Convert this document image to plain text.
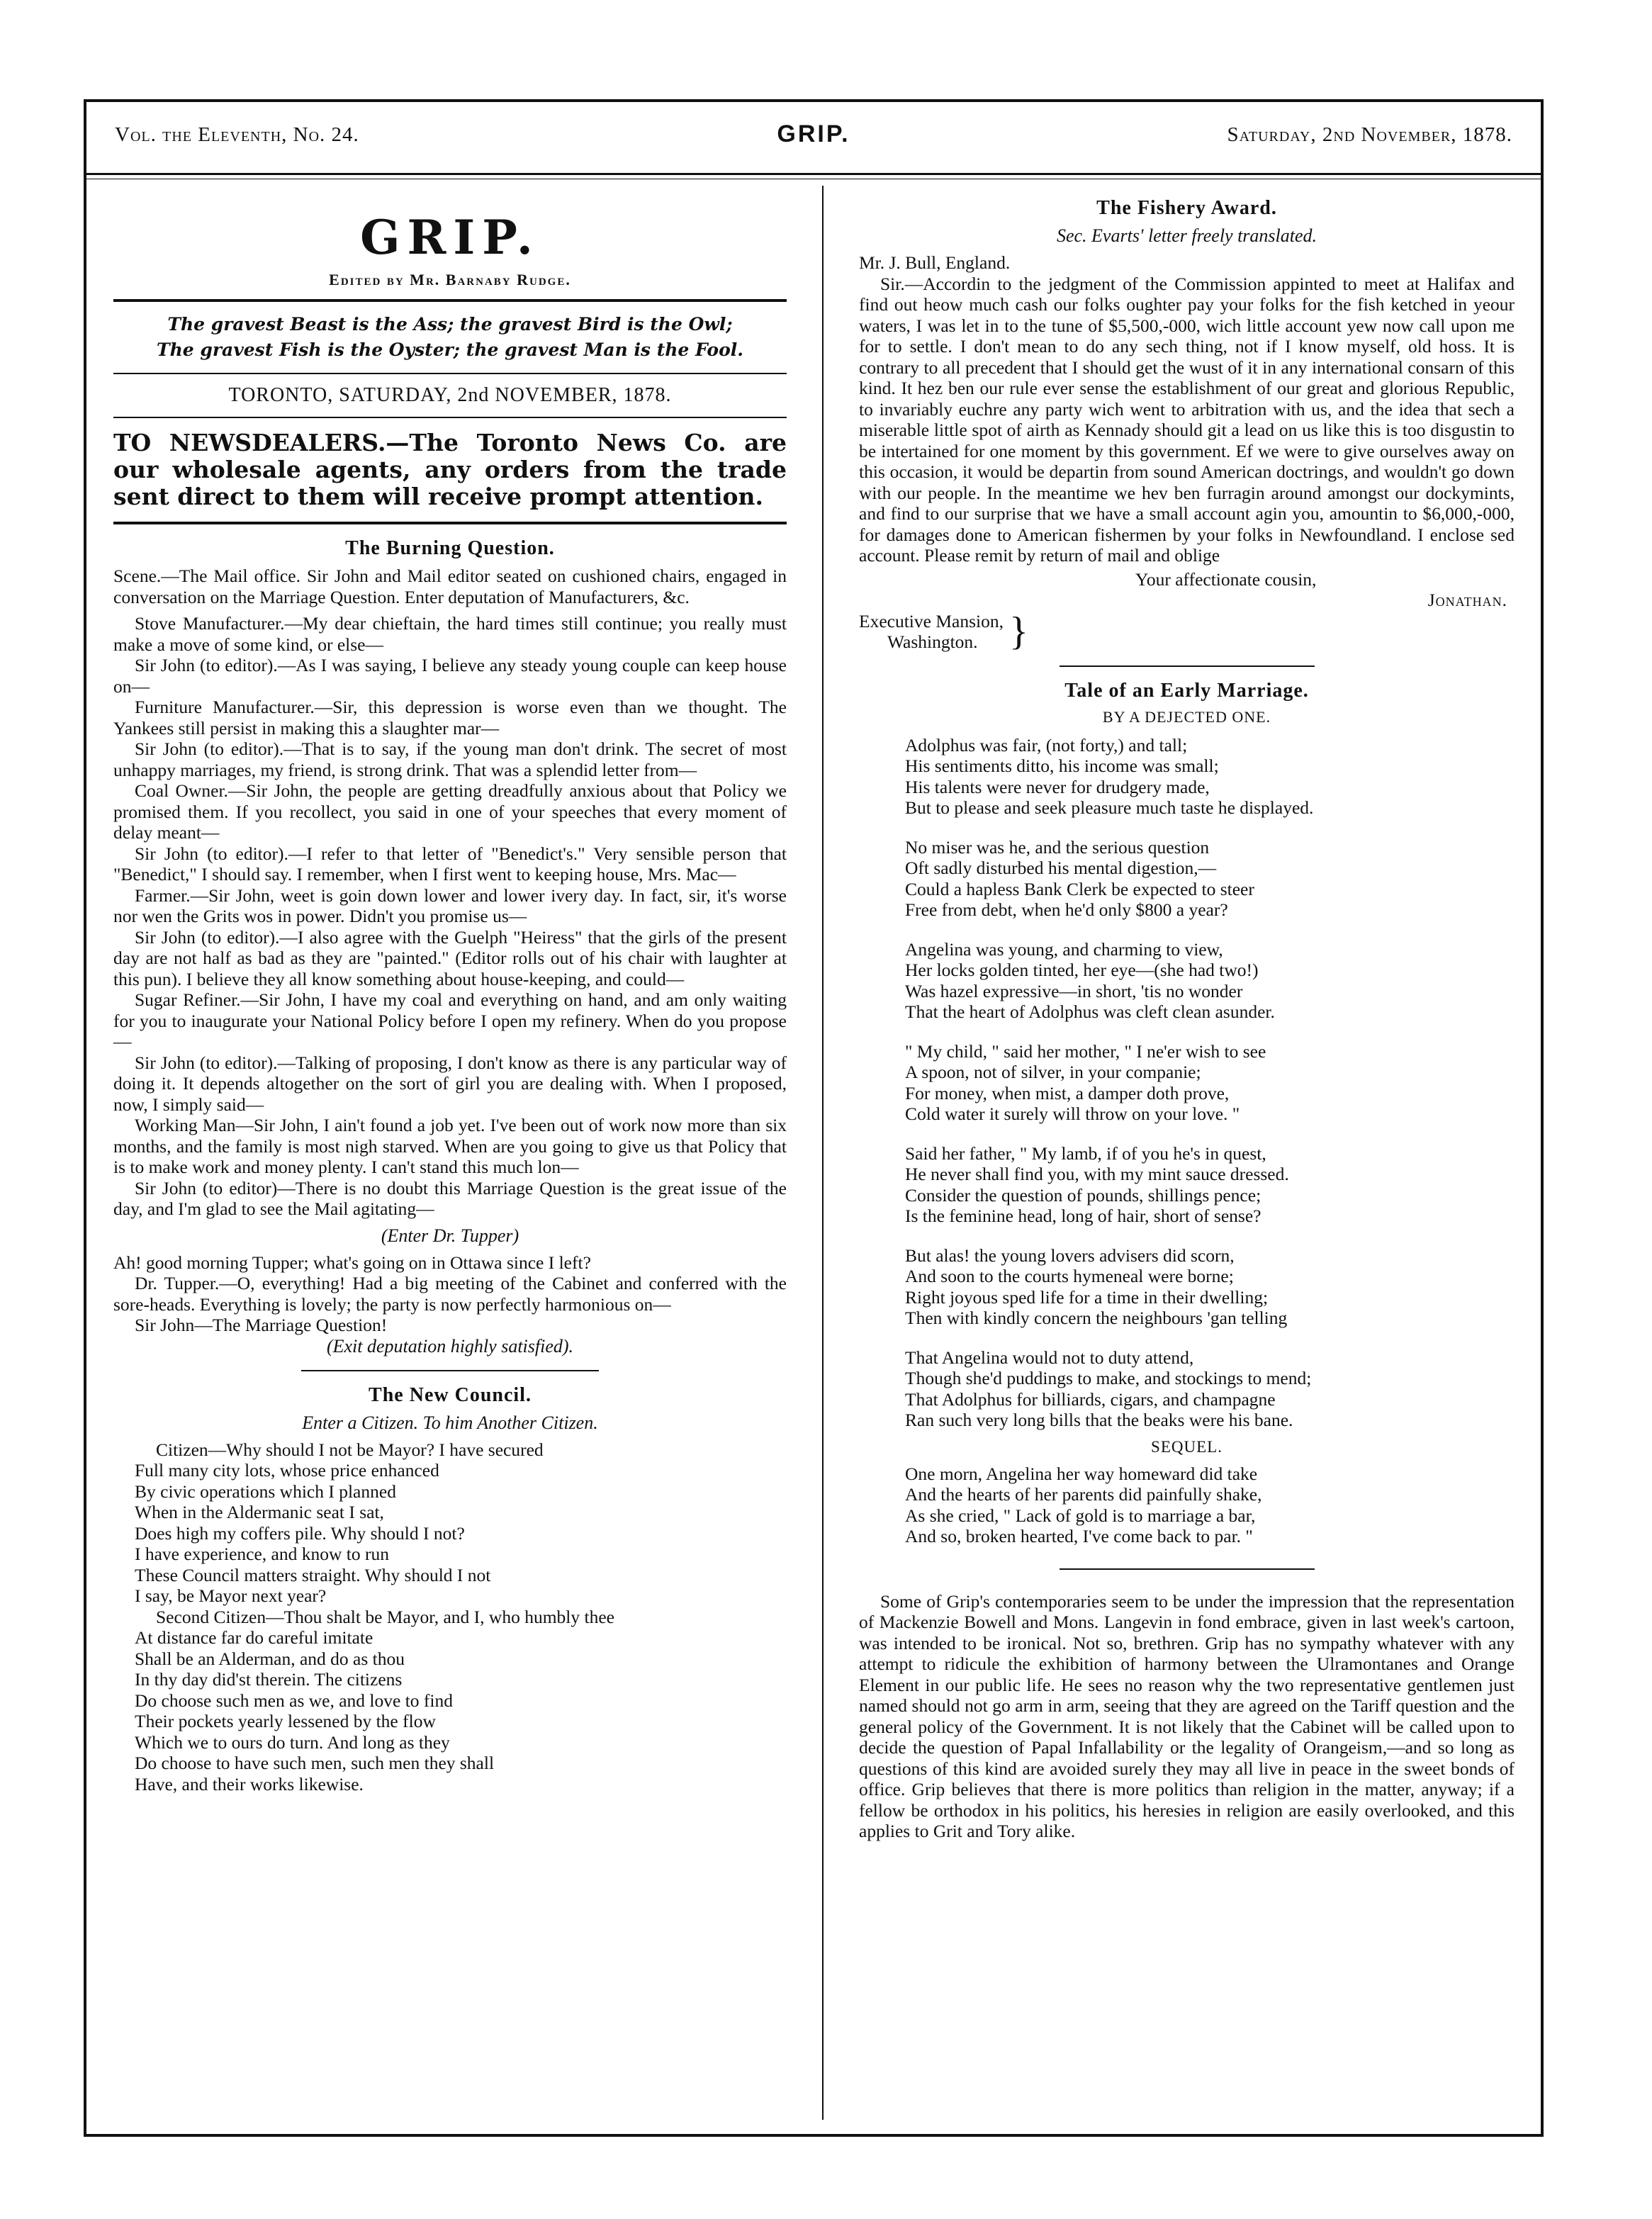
Vol. the Eleventh, No. 24.	GRIP.	Saturday, 2nd November, 1878.
GRIP.
Edited by Mr. Barnaby Rudge.
The gravest Beast is the Ass; the gravest Bird is the Owl;
The gravest Fish is the Oyster; the gravest Man is the Fool.
TORONTO, SATURDAY, 2nd NOVEMBER, 1878.
TO NEWSDEALERS.—The Toronto News Co. are our wholesale agents, any orders from the trade sent direct to them will receive prompt attention.
The Burning Question.

Scene.—The Mail office. Sir John and Mail editor seated on cushioned chairs, engaged in conversation on the Marriage Question. Enter deputation of Manufacturers, &c.

Stove Manufacturer.—My dear chieftain, the hard times still continue; you really must make a move of some kind, or else—

Sir John (to editor).—As I was saying, I believe any steady young couple can keep house on—

Furniture Manufacturer.—Sir, this depression is worse even than we thought. The Yankees still persist in making this a slaughter mar—

Sir John (to editor).—That is to say, if the young man don't drink. The secret of most unhappy marriages, my friend, is strong drink. That was a splendid letter from—

Coal Owner.—Sir John, the people are getting dreadfully anxious about that Policy we promised them. If you recollect, you said in one of your speeches that every moment of delay meant—

Sir John (to editor).—I refer to that letter of "Benedict's." Very sensible person that "Benedict," I should say. I remember, when I first went to keeping house, Mrs. Mac—

Farmer.—Sir John, weet is goin down lower and lower ivery day. In fact, sir, it's worse nor wen the Grits wos in power. Didn't you promise us—

Sir John (to editor).—I also agree with the Guelph "Heiress" that the girls of the present day are not half as bad as they are "painted." (Editor rolls out of his chair with laughter at this pun). I believe they all know something about house-keeping, and could—

Sugar Refiner.—Sir John, I have my coal and everything on hand, and am only waiting for you to inaugurate your National Policy before I open my refinery. When do you propose—

Sir John (to editor).—Talking of proposing, I don't know as there is any particular way of doing it. It depends altogether on the sort of girl you are dealing with. When I proposed, now, I simply said—

Working Man—Sir John, I ain't found a job yet. I've been out of work now more than six months, and the family is most nigh starved. When are you going to give us that Policy that is to make work and money plenty. I can't stand this much lon—

Sir John (to editor)—There is no doubt this Marriage Question is the great issue of the day, and I'm glad to see the Mail agitating—

(Enter Dr. Tupper)

Ah! good morning Tupper; what's going on in Ottawa since I left?

Dr. Tupper.—O, everything! Had a big meeting of the Cabinet and conferred with the sore-heads. Everything is lovely; the party is now perfectly harmonious on—

Sir John—The Marriage Question!

(Exit deputation highly satisfied).
The New Council.
Enter a Citizen. To him Another Citizen.
Citizen—Why should I not be Mayor? I have secured
Full many city lots, whose price enhanced
By civic operations which I planned
When in the Aldermanic seat I sat,
Does high my coffers pile. Why should I not?
I have experience, and know to run
These Council matters straight. Why should I not
I say, be Mayor next year?
Second Citizen—Thou shalt be Mayor, and I, who humbly thee
At distance far do careful imitate
Shall be an Alderman, and do as thou
In thy day did'st therein. The citizens
Do choose such men as we, and love to find
Their pockets yearly lessened by the flow
Which we to ours do turn. And long as they
Do choose to have such men, such men they shall
Have, and their works likewise.
The Fishery Award.
Sec. Evarts' letter freely translated.

Mr. J. Bull, England.

Sir.—Accordin to the jedgment of the Commission appinted to meet at Halifax and find out heow much cash our folks oughter pay your folks for the fish ketched in yeour waters, I was let in to the tune of $5,500,-000, wich little account yew now call upon me for to settle. I don't mean to do any sech thing, not if I know myself, old hoss. It is contrary to all precedent that I should get the wust of it in any international consarn of this kind. It hez ben our rule ever sense the establishment of our great and glorious Republic, to invariably euchre any party wich went to arbitration with us, and the idea that sech a miserable little spot of airth as Kennady should git a lead on us like this is too disgustin to be intertained for one moment by this government. Ef we were to give ourselves away on this occasion, it would be departin from sound American doctrings, and wouldn't go down with our people. In the meantime we hev ben furragin around amongst our dockymints, and find to our surprise that we have a small account agin you, amountin to $6,000,-000, for damages done to American fishermen by your folks in Newfoundland. I enclose sed account. Please remit by return of mail and oblige

Your affectionate cousin,
Jonathan.
Executive Mansion,
Washington. }
Tale of an Early Marriage.
BY A DEJECTED ONE.
Adolphus was fair, (not forty,) and tall;
His sentiments ditto, his income was small;
His talents were never for drudgery made,
But to please and seek pleasure much taste he displayed.
No miser was he, and the serious question
Oft sadly disturbed his mental digestion,—
Could a hapless Bank Clerk be expected to steer
Free from debt, when he'd only $800 a year?
Angelina was young, and charming to view,
Her locks golden tinted, her eye—(she had two!)
Was hazel expressive—in short, 'tis no wonder
That the heart of Adolphus was cleft clean asunder.
" My child, " said her mother, " I ne'er wish to see
A spoon, not of silver, in your companie;
For money, when mist, a damper doth prove,
Cold water it surely will throw on your love. "
Said her father, " My lamb, if of you he's in quest,
He never shall find you, with my mint sauce dressed.
Consider the question of pounds, shillings pence;
Is the feminine head, long of hair, short of sense?
But alas! the young lovers advisers did scorn,
And soon to the courts hymeneal were borne;
Right joyous sped life for a time in their dwelling;
Then with kindly concern the neighbours 'gan telling
That Angelina would not to duty attend,
Though she'd puddings to make, and stockings to mend;
That Adolphus for billiards, cigars, and champagne
Ran such very long bills that the beaks were his bane.
SEQUEL.
One morn, Angelina her way homeward did take
And the hearts of her parents did painfully shake,
As she cried, " Lack of gold is to marriage a bar,
And so, broken hearted, I've come back to par. "

Some of Grip's contemporaries seem to be under the impression that the representation of Mackenzie Bowell and Mons. Langevin in fond embrace, given in last week's cartoon, was intended to be ironical. Not so, brethren. Grip has no sympathy whatever with any attempt to ridicule the exhibition of harmony between the Ulramontanes and Orange Element in our public life. He sees no reason why the two representative gentlemen just named should not go arm in arm, seeing that they are agreed on the Tariff question and the general policy of the Government. It is not likely that the Cabinet will be called upon to decide the question of Papal Infallability or the legality of Orangeism,—and so long as questions of this kind are avoided surely they may all live in peace in the sweet bonds of office. Grip believes that there is more politics than religion in the matter, anyway; if a fellow be orthodox in his politics, his heresies in religion are easily overlooked, and this applies to Grit and Tory alike.
